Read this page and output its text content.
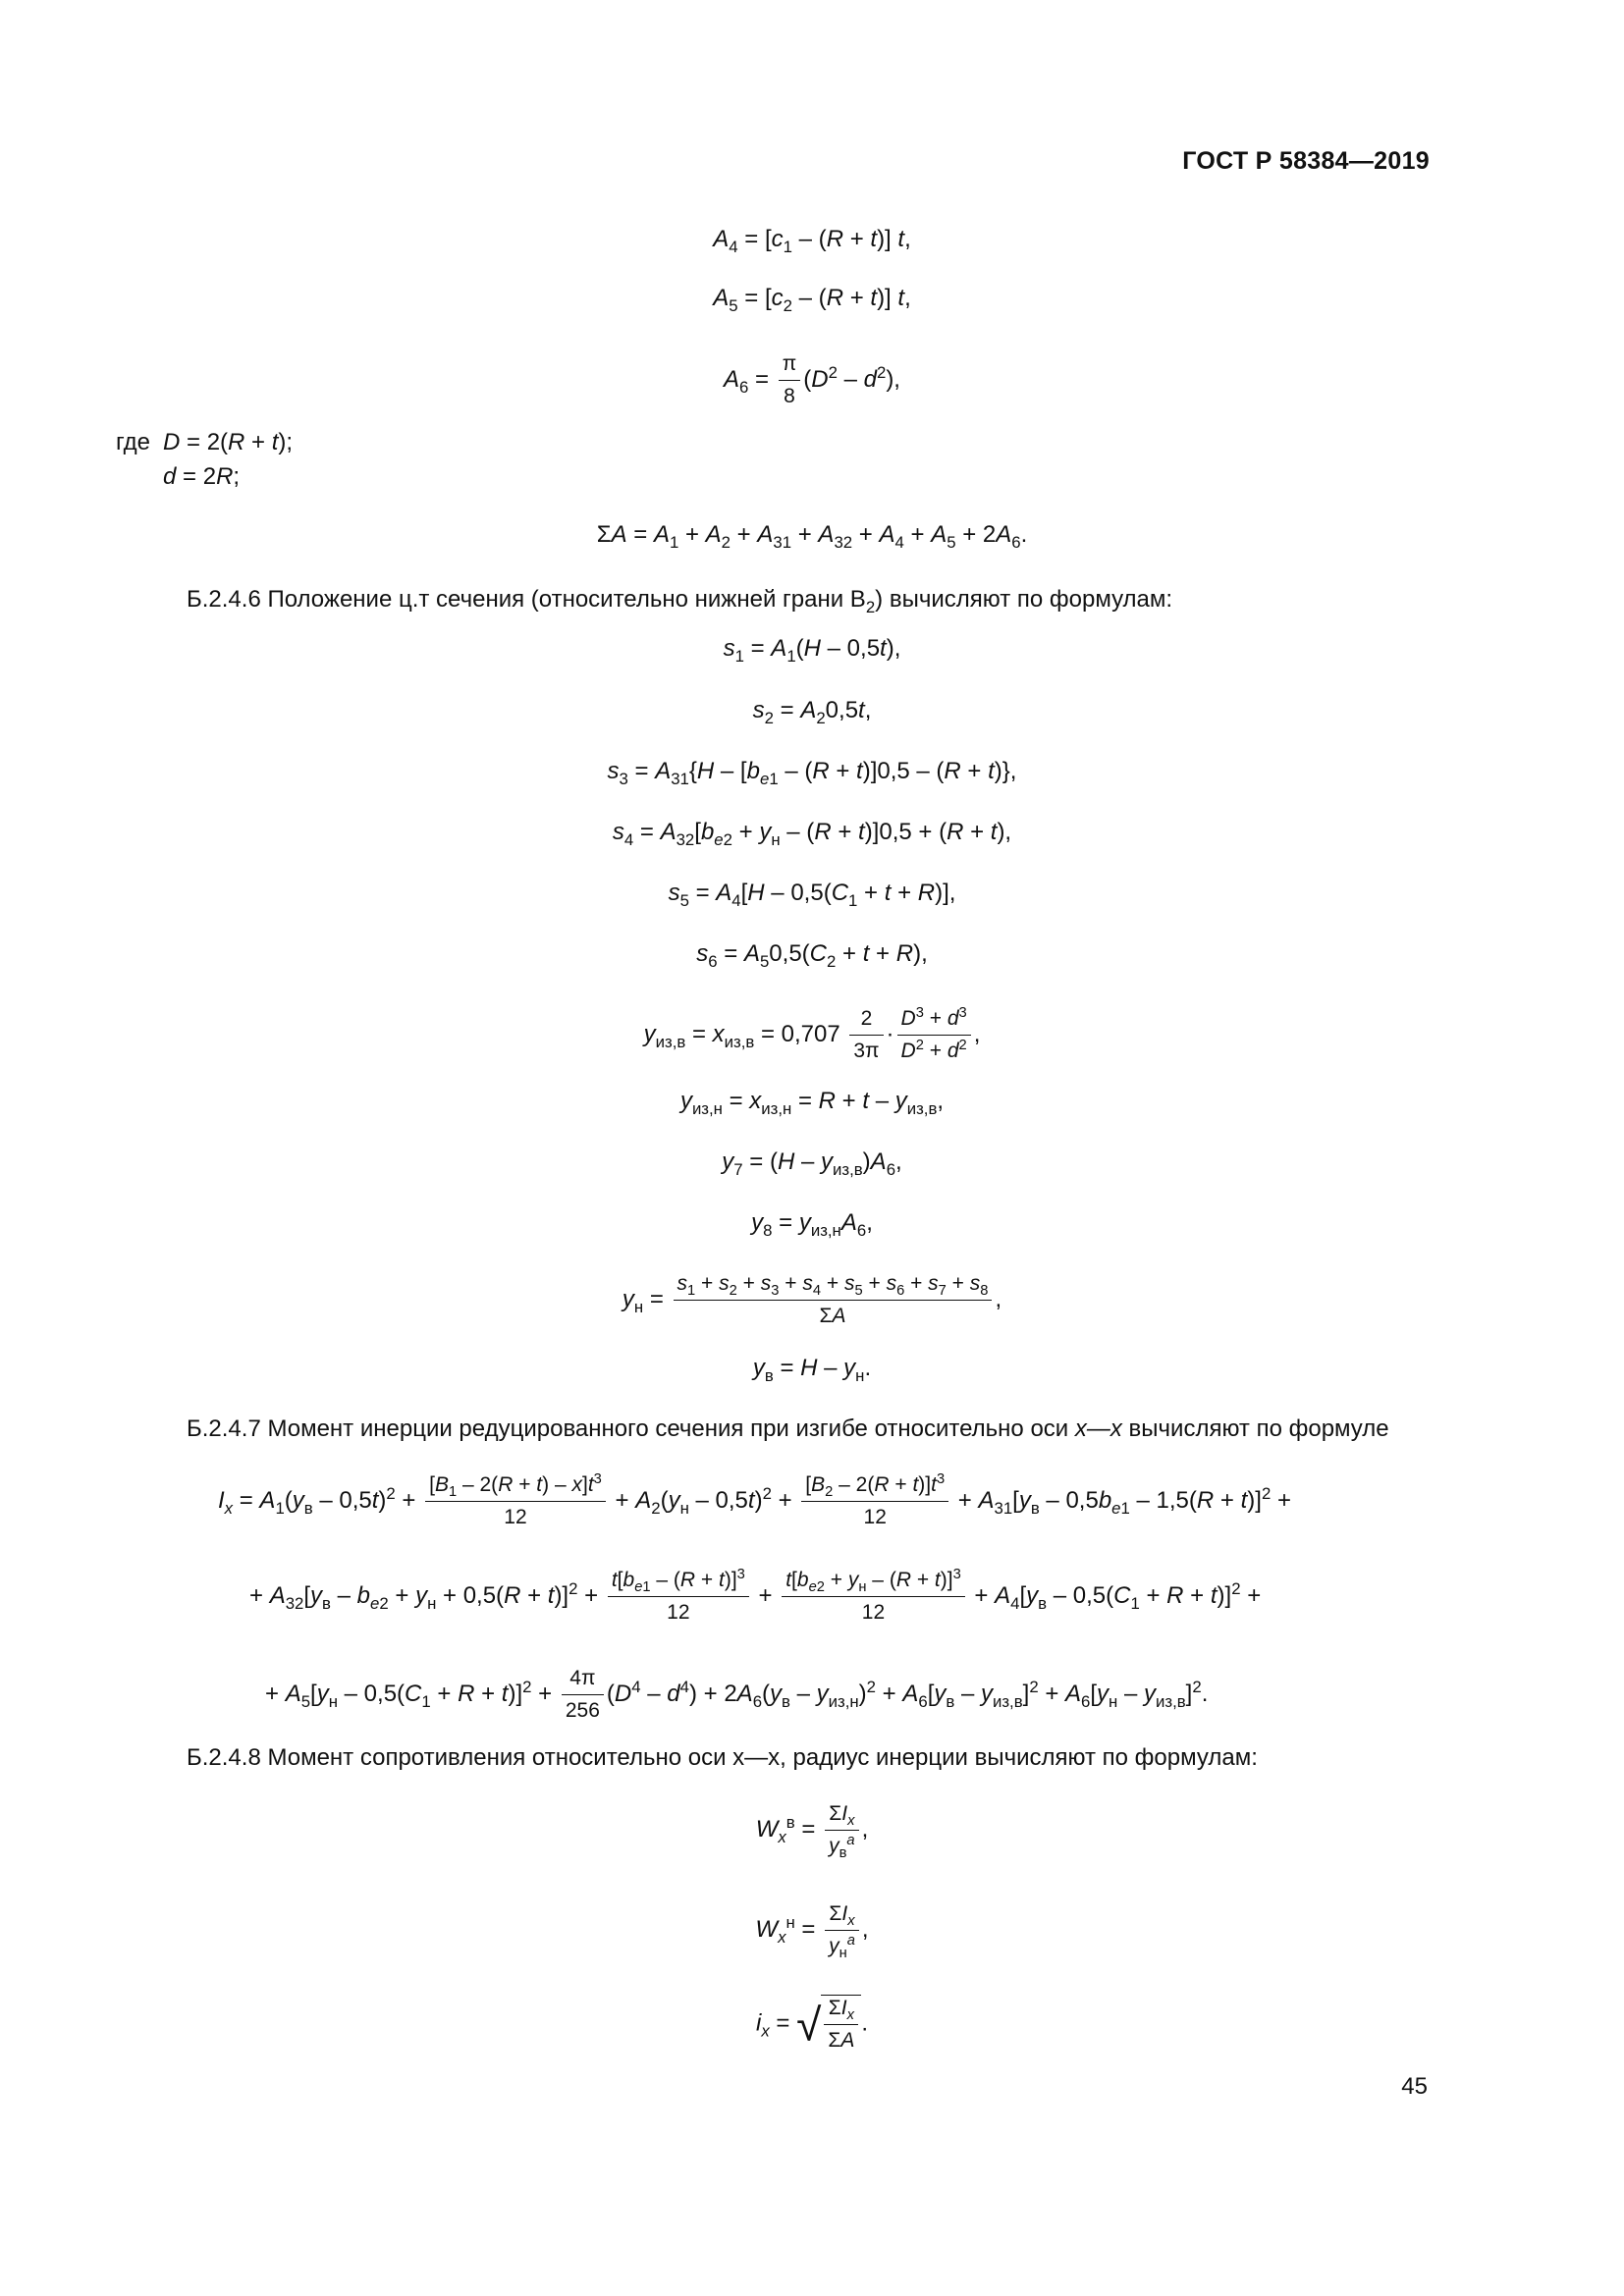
ГОСТ Р 58384—2019
$A_4 = [c_1 - (R + t)]$ t,
$A_5 = [c_2 - (R + t)]$ t,
$A_6 = \frac{\pi}{8} (D^2 - d^2)$,
где D = 2(R + t);
d = 2R;
$\Sigma A = A_1 + A_2 + A_{31} + A_{32} + A_4 + A_5 + 2A_6$.
Б.2.4.6 Положение ц.т сечения (относительно нижней грани $B_2$) вычисляют по формулам:
$s_1 = A_1(H - 0,5t)$,
$s_2 = A_20,5t$,
$s_3 = A_{31}\{H - [b_{e1} - (R + t)]0,5 - (R + t)\}$,
$s_4 = A_{32}[b_{e2} + y_н - (R + t)]0,5 + (R + t)$,
$s_5 = A_4[H - 0,5(C_1 + t + R)]$,
$s_6 = A_50,5(C_2 + t + R)$,
$y_{из,в} = x_{из,в} = 0,707 \frac{2}{3\pi} \cdot \frac{D^3 + d^3}{D^2 + d^2}$ ,
$y_{из,н} = x_{из,н} = R + t - y_{из,в}$,
$y_7 = (H - y_{из,в})A_6$,
$y_8 = y_{из,н}A_6$,
$y_н = \frac{s_1 + s_2 + s_3 + s_4 + s_5 + s_6 + s_7 + s_8}{\Sigma A}$ ,
$y_в = H - y_н$.
Б.2.4.7 Момент инерции редуцированного сечения при изгибе относительно оси x—x вычисляют по формуле
$I_x = A_1(y_в - 0,5t)^2 + \frac{[B_1 - 2(R + t) - x]t^3}{12} + A_2(y_н - 0,5t)^2 + \frac{[B_2 - 2(R + t)]t^3}{12} + A_{31}[y_в - 0,5b_{e1} - 1,5(R + t)]^2$ +
+ $A_{32}[y_в - b_{e2} + y_н + 0,5(R + t)]^2 + \frac{t[b_{e1} - (R + t)]^3}{12} + \frac{t[b_{e2} + y_н - (R + t)]^3}{12} + A_4[y_в - 0,5(C_1 + R + t)]^2$ +
+ $A_5[y_н - 0,5(C_1 + R + t)]^2 + \frac{4\pi}{256} (D^4 - d^4) + 2A_6(y_в - y_{из,н})^2 + A_6[y_в - y_{из,в}]^2 + A_6[y_н - y_{из,в}]^2$.
Б.2.4.8 Момент сопротивления относительно оси x—x, радиус инерции вычисляют по формулам:
$W_x^в = \frac{\Sigma I_x}{y_в^a}$ ,
$W_x^н = \frac{\Sigma I_x}{y_н^a}$ ,
$i_x$ = √ $\frac{\Sigma I_x}{\Sigma A}$ .
45
